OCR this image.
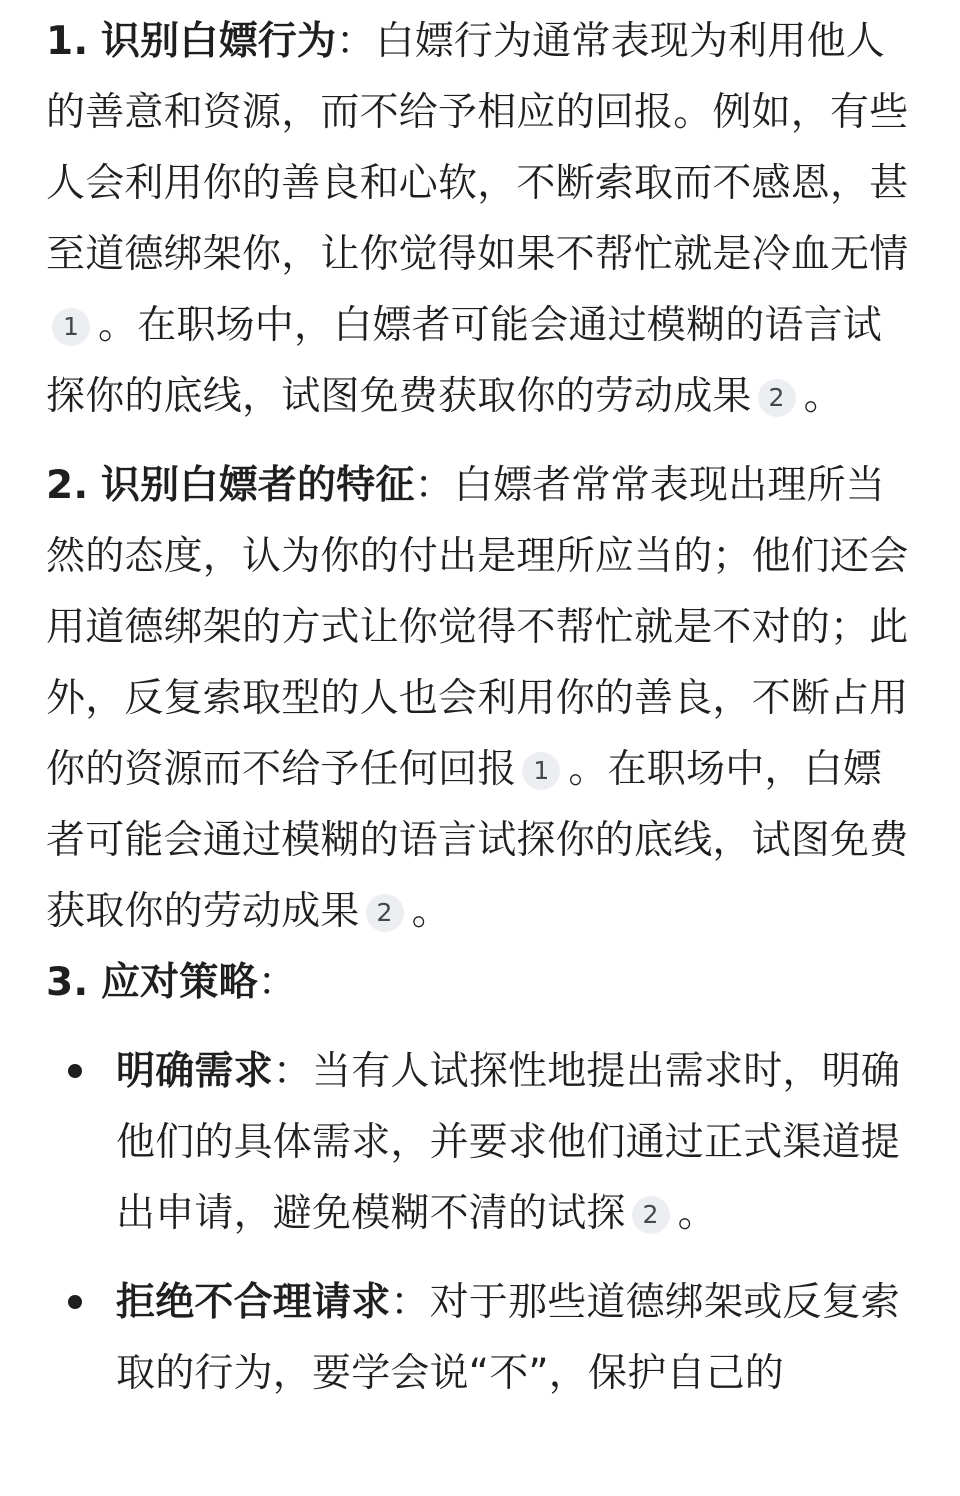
1. 识别白嫖行为：白嫖行为通常表现为利用他人的善意和资源，而不给予相应的回报。例如，有些人会利用你的善良和心软，不断索取而不感恩，甚至道德绑架你，让你觉得如果不帮忙就是冷血无情1 。在职场中，白嫖者可能会通过模糊的语言试探你的底线，试图免费获取你的劳动成果 2 。

2. 识别白嫖者的特征：白嫖者常常表现出理所当然的态度，认为你的付出是理所应当的；他们还会用道德绑架的方式让你觉得不帮忙就是不对的；此外，反复索取型的人也会利用你的善良，不断占用你的资源而不给予任何回报 1 。在职场中，白嫖者可能会通过模糊的语言试探你的底线，试图免费获取你的劳动成果 2 。

3. 应对策略：

明确需求：当有人试探性地提出需求时，明确他们的具体需求，并要求他们通过正式渠道提出申请，避免模糊不清的试探 2 。
拒绝不合理请求：对于那些道德绑架或反复索取的行为，要学会说“不”，保护自己的
